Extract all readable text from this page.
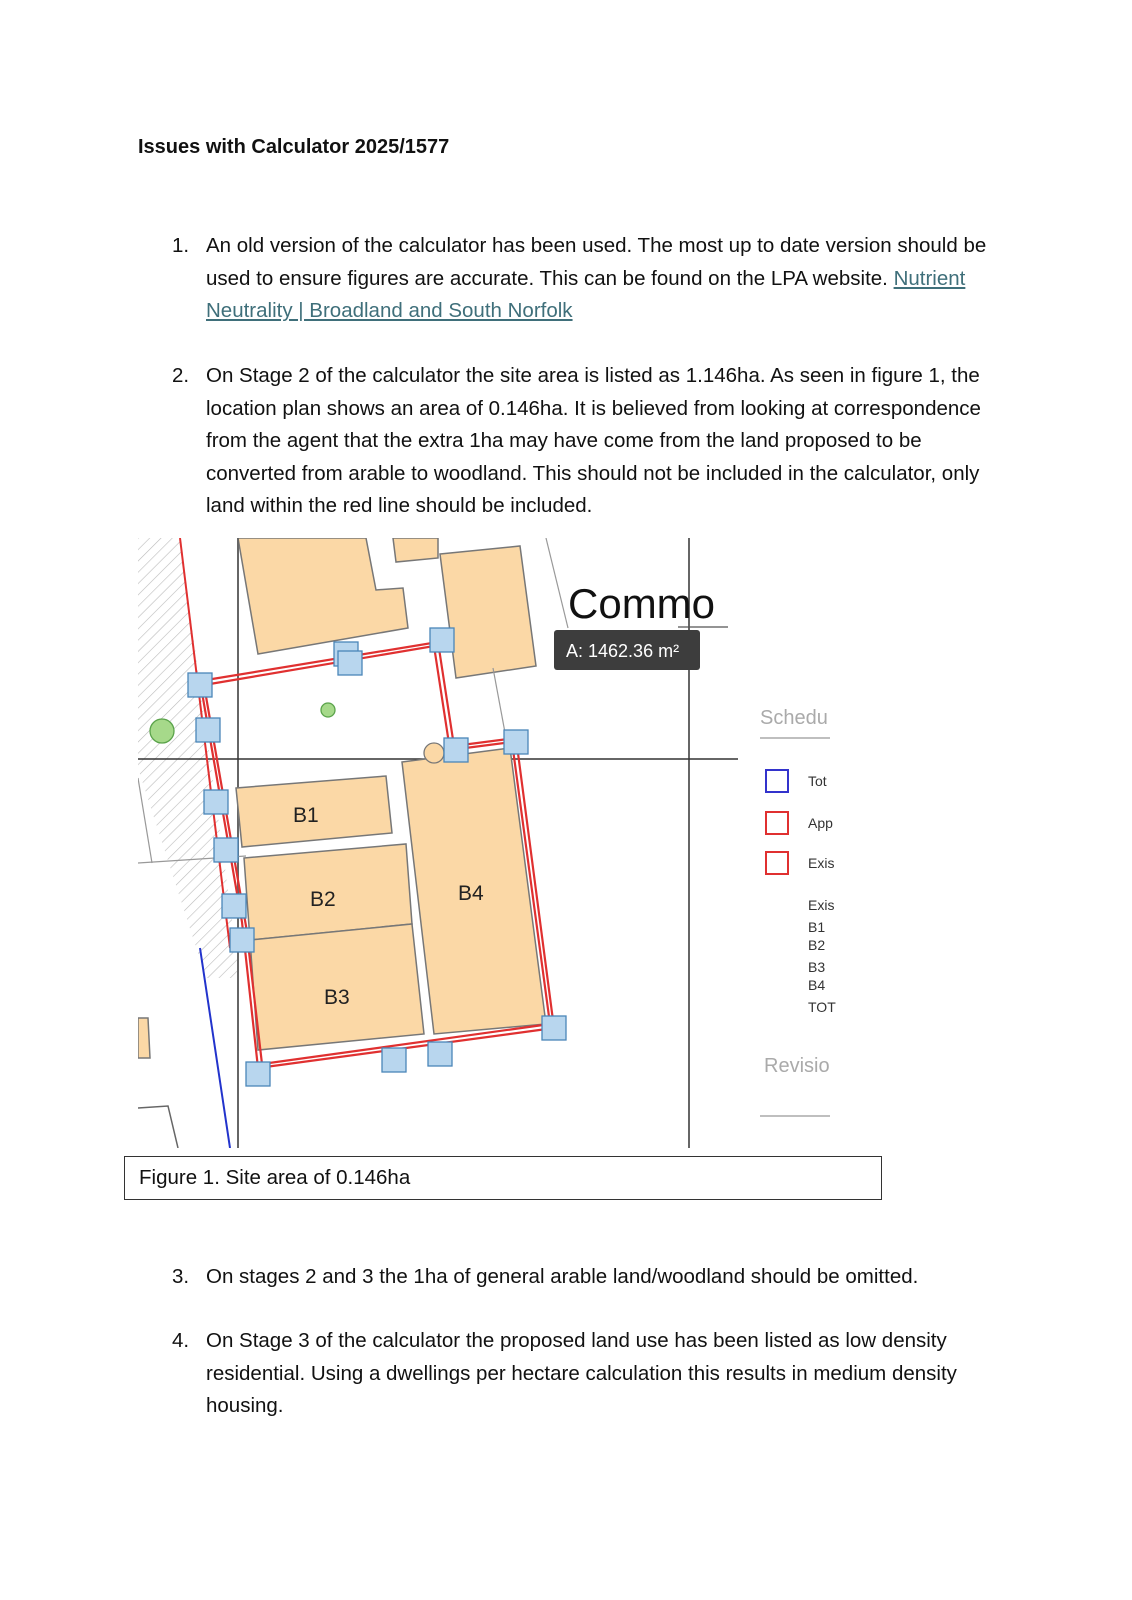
Issues with Calculator 2025/1577
1. An old version of the calculator has been used. The most up to date version should be used to ensure figures are accurate. This can be found on the LPA website. Nutrient Neutrality | Broadland and South Norfolk
2. On Stage 2 of the calculator the site area is listed as 1.146ha. As seen in figure 1, the location plan shows an area of 0.146ha. It is believed from looking at correspondence from the agent that the extra 1ha may have come from the land proposed to be converted from arable to woodland. This should not be included in the calculator, only land within the red line should be included.
B1
B2
B3
B4
Commo
A: 1462.36 m²
Schedu
Tot
App
Exis
Exis
B1
B2
B3
B4
TOT
Revisio
Figure 1. Site area of 0.146ha
3. On stages 2 and 3 the 1ha of general arable land/woodland should be omitted.
4. On Stage 3 of the calculator the proposed land use has been listed as low density residential. Using a dwellings per hectare calculation this results in medium density housing.
